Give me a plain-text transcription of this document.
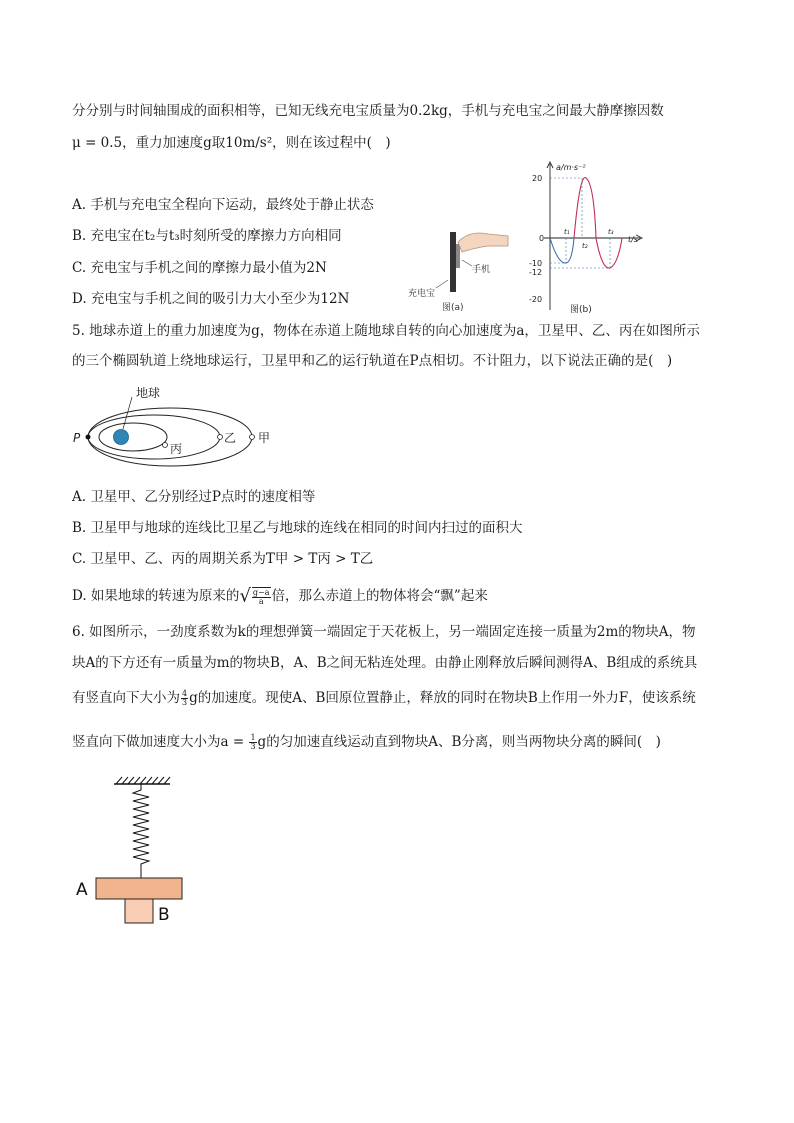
分分别与时间轴围成的面积相等，已知无线充电宝质量为0.2kg，手机与充电宝之间最大静摩擦因数
μ = 0.5，重力加速度g取10m/s²，则在该过程中(　)
A. 手机与充电宝全程向下运动，最终处于静止状态
B. 充电宝在t₂与t₃时刻所受的摩擦力方向相同
C. 充电宝与手机之间的摩擦力最小值为2N
D. 充电宝与手机之间的吸引力大小至少为12N
手机
充电宝
图(a)
a/m·s⁻²
t/s
20
0
-10
-12
-20
t₁
t₂
t₃
图(b)
5. 地球赤道上的重力加速度为g，物体在赤道上随地球自转的向心加速度为a，卫星甲、乙、丙在如图所示
的三个椭圆轨道上绕地球运行，卫星甲和乙的运行轨道在P点相切。不计阻力，以下说法正确的是(　)
地球
P
丙
乙 甲
A. 卫星甲、乙分别经过P点时的速度相等
B. 卫星甲与地球的连线比卫星乙与地球的连线在相同的时间内扫过的面积大
C. 卫星甲、乙、丙的周期关系为T甲 > T丙 > T乙
D. 如果地球的转速为原来的√ $\frac{g-a}{a}$ 倍，那么赤道上的物体将会“飘”起来
6. 如图所示，一劲度系数为k的理想弹簧一端固定于天花板上，另一端固定连接一质量为2m的物块A，物
块A的下方还有一质量为m的物块B，A、B之间无粘连处理。由静止刚释放后瞬间测得A、B组成的系统具
有竖直向下大小为 $\frac{4}{3}$ g的加速度。现使A、B回原位置静止，释放的同时在物块B上作用一外力F，使该系统
竖直向下做加速度大小为$a = \frac{1}{3}$ g的匀加速直线运动直到物块A、B分离，则当两物块分离的瞬间(　)
A
B
